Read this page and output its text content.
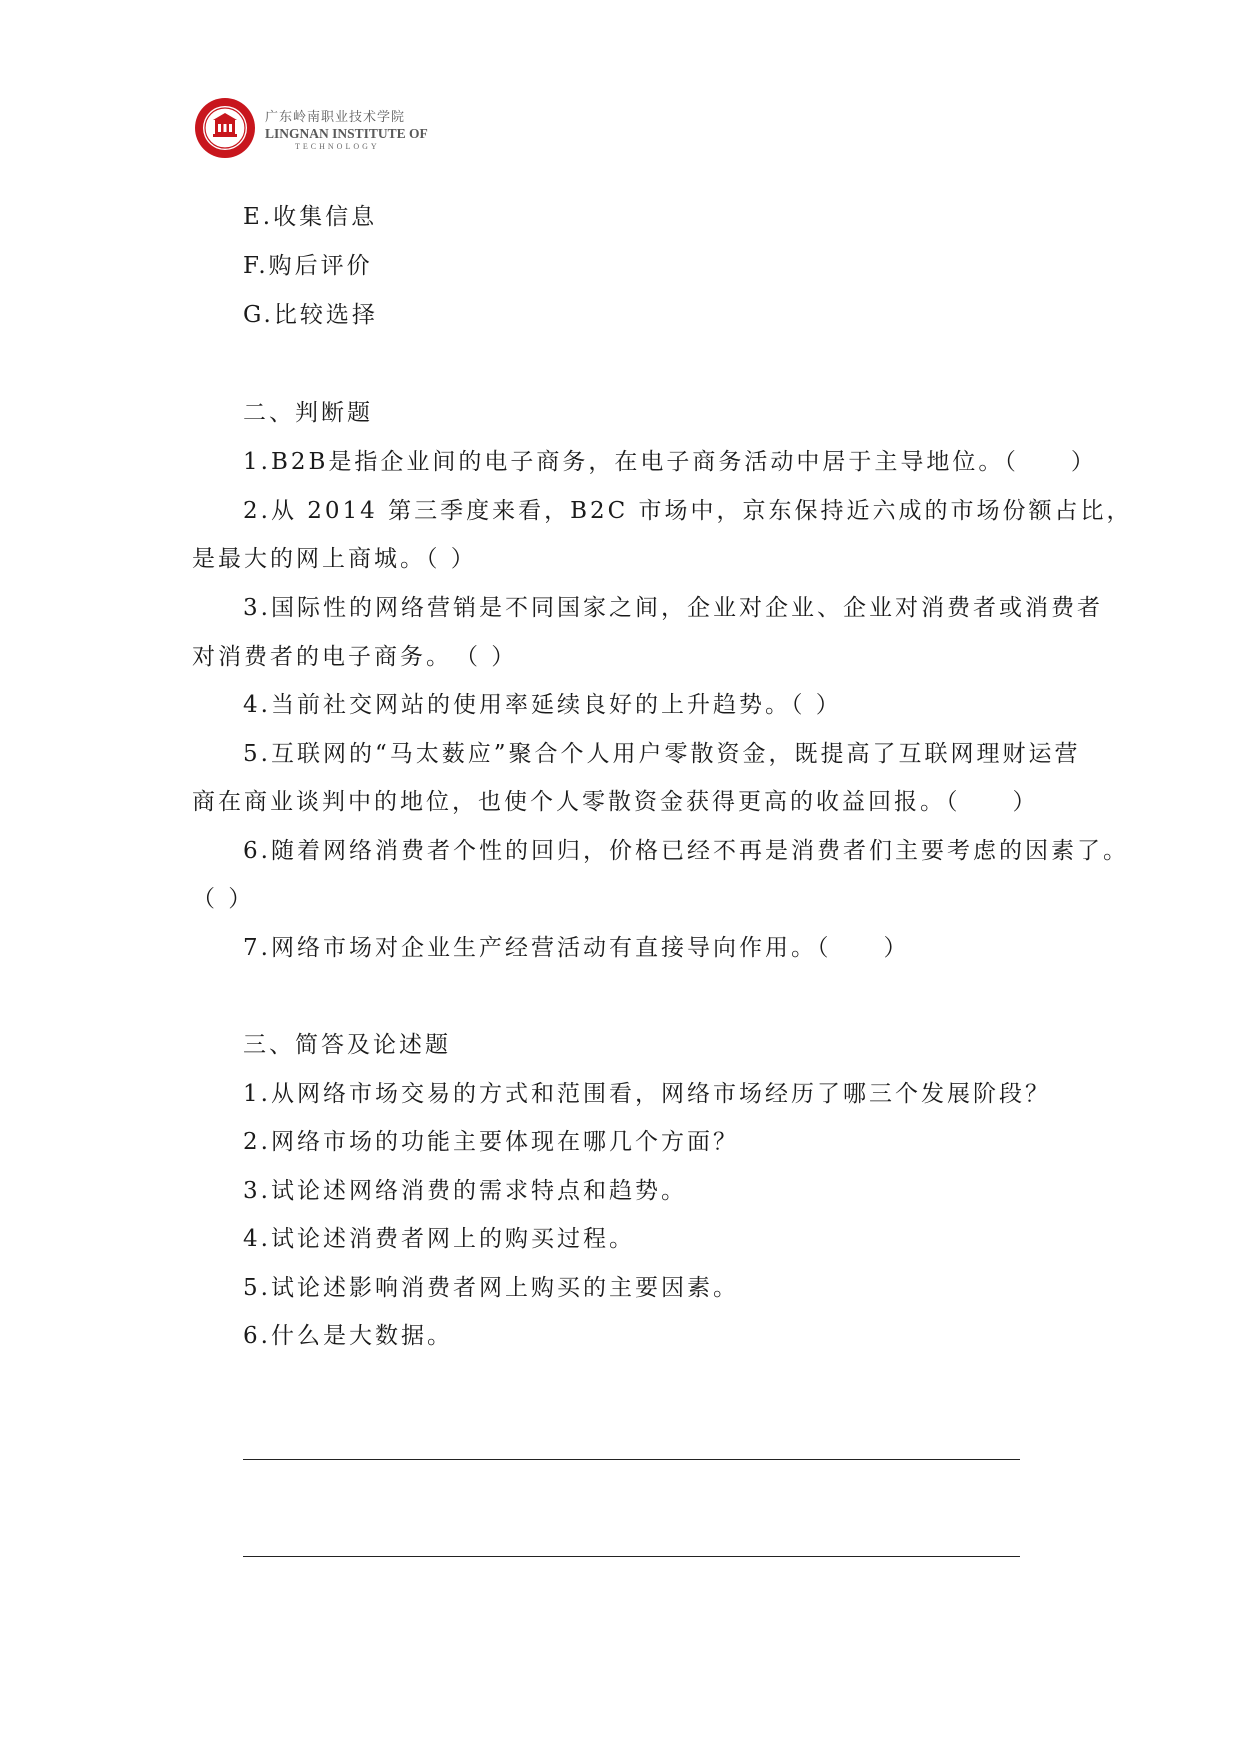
广东岭南职业技术学院
LINGNAN INSTITUTE OF
TECHNOLOGY
E.收集信息
F.购后评价
G.比较选择
二、判断题
1.B2B是指企业间的电子商务，在电子商务活动中居于主导地位。（　　）
2.从 2014 第三季度来看，B2C 市场中，京东保持近六成的市场份额占比，
是最大的网上商城。（ ）
3.国际性的网络营销是不同国家之间，企业对企业、企业对消费者或消费者
对消费者的电子商务。　（ ）
4.当前社交网站的使用率延续良好的上升趋势。（ ）
5.互联网的“马太薮应”聚合个人用户零散资金，既提高了互联网理财运营
商在商业谈判中的地位，也使个人零散资金获得更高的收益回报。（　　）
6.随着网络消费者个性的回归，价格已经不再是消费者们主要考虑的因素了。
（ ）
7.网络市场对企业生产经营活动有直接导向作用。（　　）
三、简答及论述题
1.从网络市场交易的方式和范围看，网络市场经历了哪三个发展阶段？
2.网络市场的功能主要体现在哪几个方面？
3.试论述网络消费的需求特点和趋势。
4.试论述消费者网上的购买过程。
5.试论述影响消费者网上购买的主要因素。
6.什么是大数据。
